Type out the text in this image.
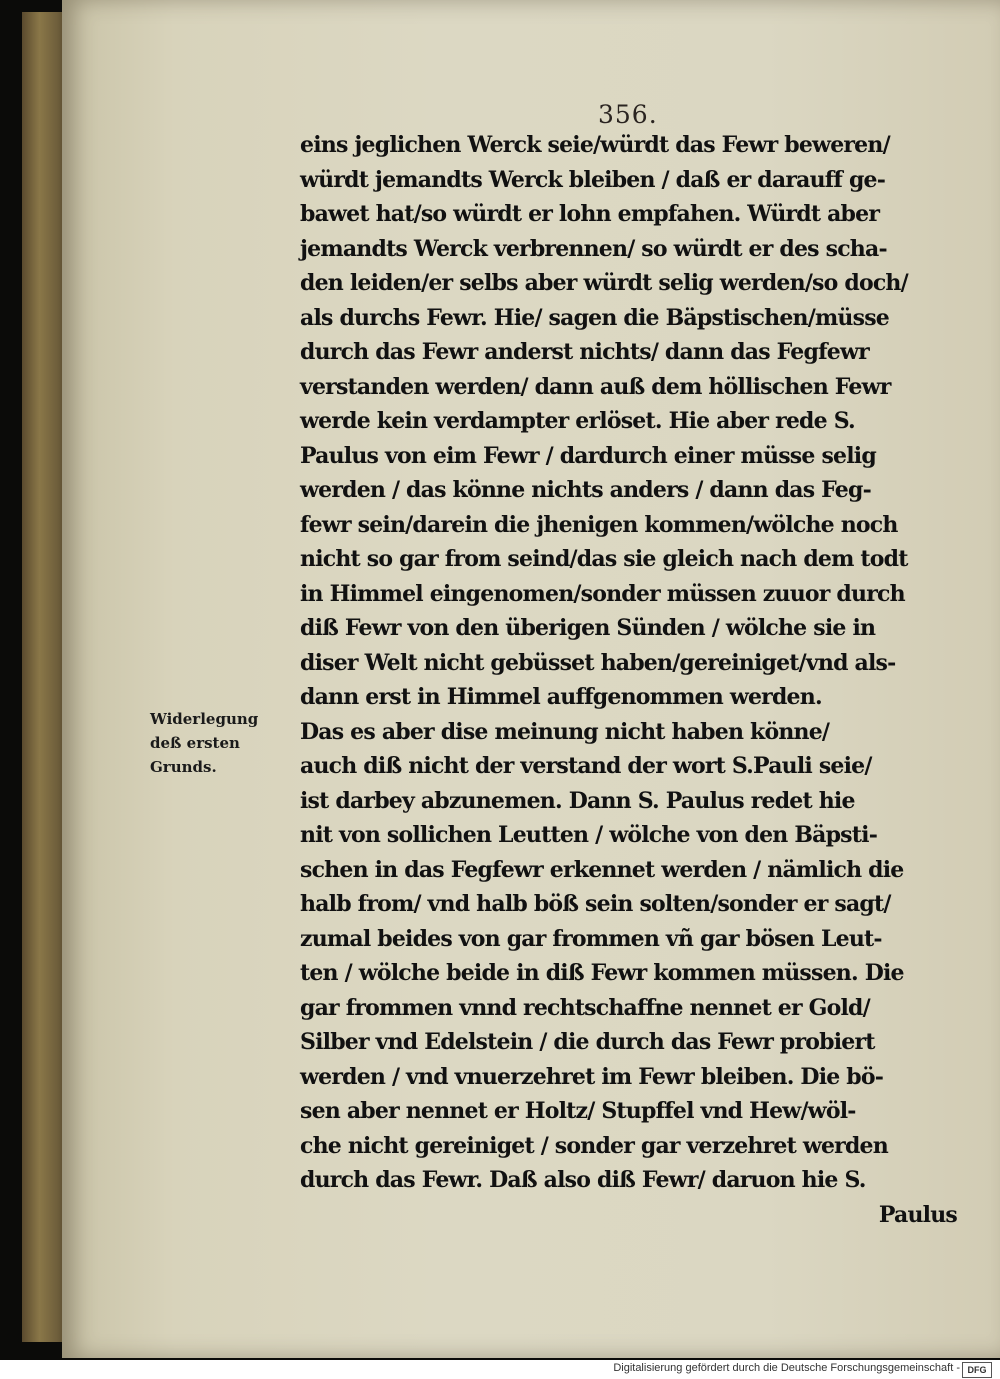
356.
Widerlegung
deß ersten
Grunds.
eins jeglichen Werck seie/würdt das Fewr beweren/
würdt jemandts Werck bleiben / daß er darauff ge-
bawet hat/so würdt er lohn empfahen. Würdt aber
jemandts Werck verbrennen/ so würdt er des scha-
den leiden/er selbs aber würdt selig werden/so doch/
als durchs Fewr. Hie/ sagen die Bäpstischen/müsse
durch das Fewr anderst nichts/ dann das Fegfewr
verstanden werden/ dann auß dem höllischen Fewr
werde kein verdampter erlöset. Hie aber rede S.
Paulus von eim Fewr / dardurch einer müsse selig
werden / das könne nichts anders / dann das Feg-
fewr sein/darein die jhenigen kommen/wölche noch
nicht so gar from seind/das sie gleich nach dem todt
in Himmel eingenomen/sonder müssen zuuor durch
diß Fewr von den überigen Sünden / wölche sie in
diser Welt nicht gebüsset haben/gereiniget/vnd als-
dann erst in Himmel auffgenommen werden.
Das es aber dise meinung nicht haben könne/
auch diß nicht der verstand der wort S.Pauli seie/
ist darbey abzunemen. Dann S. Paulus redet hie
nit von sollichen Leutten / wölche von den Bäpsti-
schen in das Fegfewr erkennet werden / nämlich die
halb from/ vnd halb böß sein solten/sonder er sagt/
zumal beides von gar frommen vñ gar bösen Leut-
ten / wölche beide in diß Fewr kommen müssen. Die
gar frommen vnnd rechtschaffne nennet er Gold/
Silber vnd Edelstein / die durch das Fewr probiert
werden / vnd vnuerzehret im Fewr bleiben. Die bö-
sen aber nennet er Holtz/ Stupffel vnd Hew/wöl-
che nicht gereiniget / sonder gar verzehret werden
durch das Fewr. Daß also diß Fewr/ daruon hie S.
Paulus
Digitalisierung gefördert durch die Deutsche Forschungsgemeinschaft - DFG
